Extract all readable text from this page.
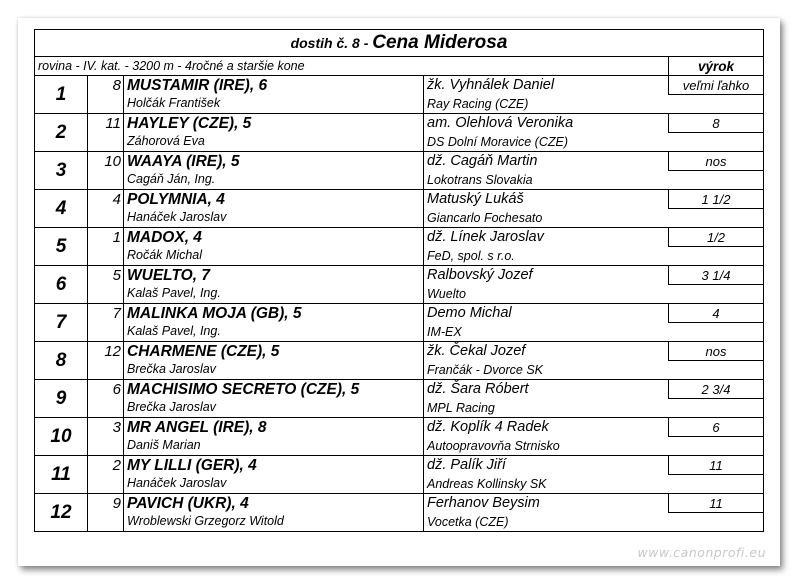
dostih č. 8 - Cena Miderosa				
rovina - IV. kat. - 3200 m - 4ročné a staršie kone				výrok
1	8	MUSTAMIR (IRE), 6	žk. Vyhnálek Daniel	veľmi ľahko
		Holčák František	Ray Racing (CZE)	
2	11	HAYLEY (CZE), 5	am. Olehlová Veronika	8
		Záhorová Eva	DS Dolní Moravice (CZE)	
3	10	WAAYA (IRE), 5	dž. Cagáň Martin	nos
		Cagáň Ján, Ing.	Lokotrans Slovakia	
4	4	POLYMNIA, 4	Matuský Lukáš	1 1/2
		Hanáček Jaroslav	Giancarlo Fochesato	
5	1	MADOX, 4	dž. Línek Jaroslav	1/2
		Ročák Michal	FeD, spol. s r.o.	
6	5	WUELTO, 7	Ralbovský Jozef	3 1/4
		Kalaš Pavel, Ing.	Wuelto	
7	7	MALINKA MOJA (GB), 5	Demo Michal	4
		Kalaš Pavel, Ing.	IM-EX	
8	12	CHARMENE (CZE), 5	žk. Čekal Jozef	nos
		Brečka Jaroslav	Frančák - Dvorce SK	
9	6	MACHISIMO SECRETO (CZE), 5	dž. Šara Róbert	2 3/4
		Brečka Jaroslav	MPL Racing	
10	3	MR ANGEL (IRE), 8	dž. Koplík 4 Radek	6
		Daniš Marian	Autoopravovňa Strnisko	
11	2	MY LILLI (GER), 4	dž. Palík Jiří	11
		Hanáček Jaroslav	Andreas Kollinsky SK	
12	9	PAVICH (UKR), 4	Ferhanov Beysim	11
		Wroblewski Grzegorz Witold	Vocetka (CZE)	
www.canonprofi.eu
